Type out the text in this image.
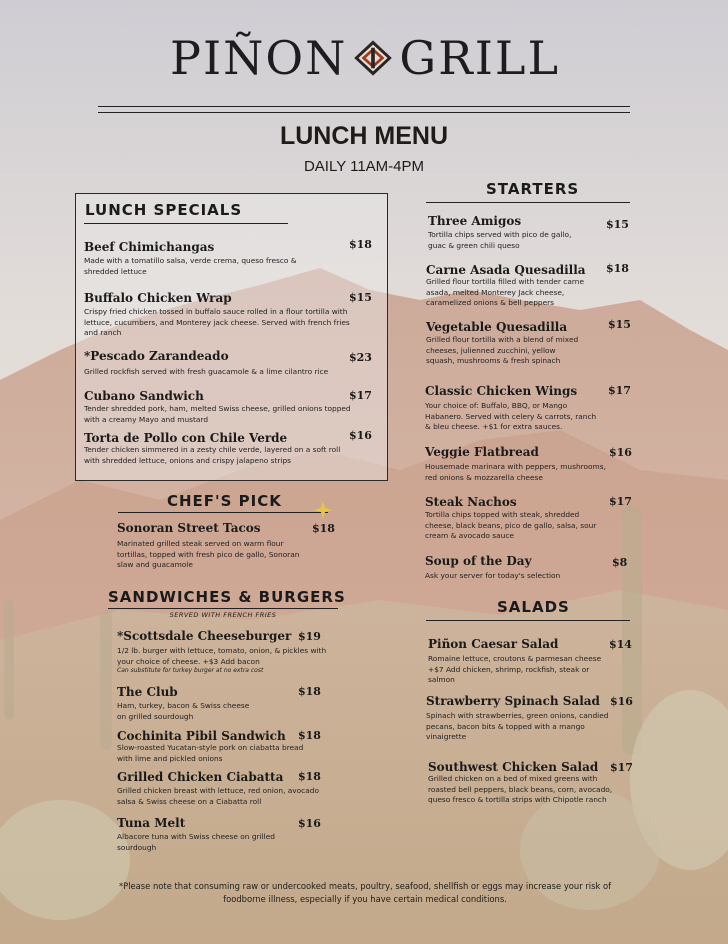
PIÑON GRILL
LUNCH MENU
DAILY 11AM-4PM
LUNCH SPECIALS
Beef Chimichangas
Made with a tomatillo salsa, verde crema, queso fresco & shredded lettuce
$18
Buffalo Chicken Wrap
Crispy fried chicken tossed in buffalo sauce rolled in a flour tortilla with lettuce, cucumbers, and Monterey jack cheese. Served with french fries and ranch
$15
*Pescado Zarandeado
Grilled rockfish served with fresh guacamole & a lime cilantro rice
$23
Cubano Sandwich
Tender shredded pork, ham, melted Swiss cheese, grilled onions topped with a creamy Mayo and mustard
$17
Torta de Pollo con Chile Verde
Tender chicken simmered in a zesty chile verde, layered on a soft roll with shredded lettuce, onions and crispy jalapeno strips
$16
CHEF'S PICK
Sonoran Street Tacos
Marinated grilled steak served on warm flour tortillas, topped with fresh pico de gallo, Sonoran slaw and guacamole
$18
SANDWICHES & BURGERS
SERVED WITH FRENCH FRIES
*Scottsdale Cheeseburger
1/2 lb. burger with lettuce, tomato, onion, & pickles with your choice of cheese. +$3 Add bacon
Can substitute for turkey burger at no extra cost
$19
The Club
Ham, turkey, bacon & Swiss cheese on grilled sourdough
$18
Cochinita Pibil Sandwich
Slow-roasted Yucatan-style pork on ciabatta bread with lime and pickled onions
$18
Grilled Chicken Ciabatta
Grilled chicken breast with lettuce, red onion, avocado salsa & Swiss cheese on a Ciabatta roll
$18
Tuna Melt
Albacore tuna with Swiss cheese on grilled sourdough
$16
STARTERS
Three Amigos
Tortilla chips served with pico de gallo, guac & green chili queso
$15
Carne Asada Quesadilla
Grilled flour tortilla filled with tender carne asada, melted Monterey Jack cheese, caramelized onions & bell peppers
$18
Vegetable Quesadilla
Grilled flour tortilla with a blend of mixed cheeses, julienned zucchini, yellow squash, mushrooms & fresh spinach
$15
Classic Chicken Wings
Your choice of: Buffalo, BBQ, or Mango Habanero. Served with celery & carrots, ranch & bleu cheese. +$1 for extra sauces.
$17
Veggie Flatbread
Housemade marinara with peppers, mushrooms, red onions & mozzarella cheese
$16
Steak Nachos
Tortilla chips topped with steak, shredded cheese, black beans, pico de gallo, salsa, sour cream & avocado sauce
$17
Soup of the Day
Ask your server for today's selection
$8
SALADS
Piñon Caesar Salad
Romaine lettuce, croutons & parmesan cheese +$7 Add chicken, shrimp, rockfish, steak or salmon
$14
Strawberry Spinach Salad
Spinach with strawberries, green onions, candied pecans, bacon bits & topped with a mango vinaigrette
$16
Southwest Chicken Salad
Grilled chicken on a bed of mixed greens with roasted bell peppers, black beans, corn, avocado, queso fresco & tortilla strips with Chipotle ranch
$17
*Please note that consuming raw or undercooked meats, poultry, seafood, shellfish or eggs may increase your risk of foodborne illness, especially if you have certain medical conditions.
